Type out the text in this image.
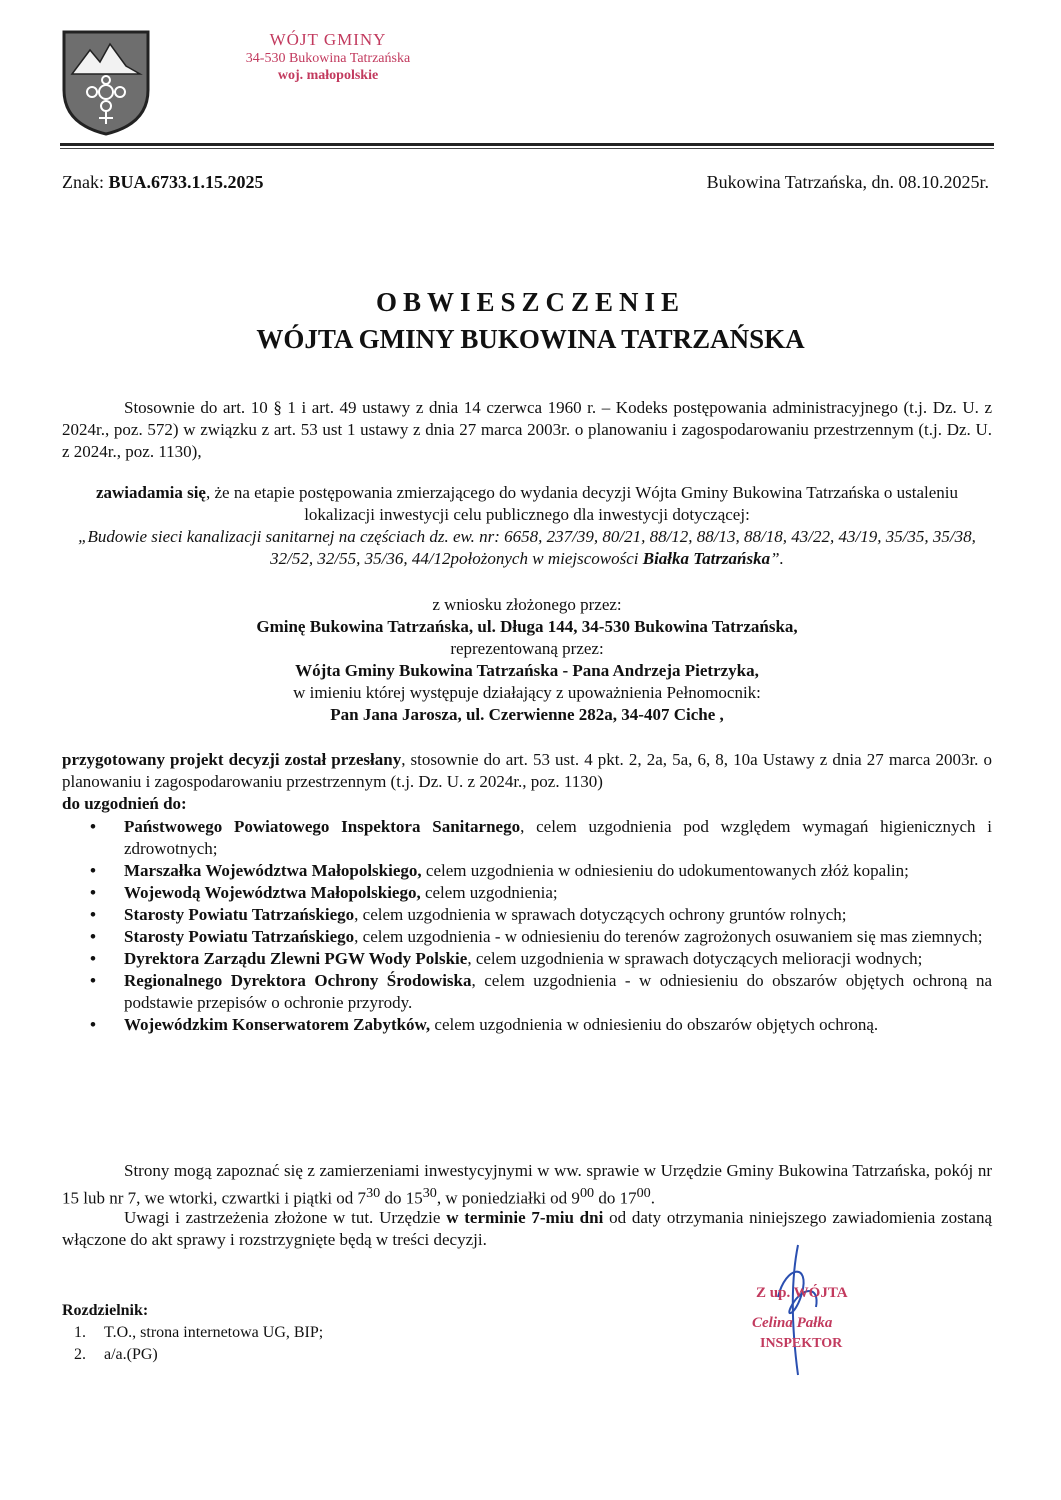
WÓJT GMINY
34-530 Bukowina Tatrzańska
woj. małopolskie
Znak: BUA.6733.1.15.2025	Bukowina Tatrzańska, dn. 08.10.2025r.
OBWIESZCZENIE
WÓJTA GMINY BUKOWINA TATRZAŃSKA
Stosownie do art. 10 § 1 i art. 49 ustawy z dnia 14 czerwca 1960 r. – Kodeks postępowania administracyjnego (t.j. Dz. U. z 2024r., poz. 572) w związku z art. 53 ust 1 ustawy z dnia 27 marca 2003r. o planowaniu i zagospodarowaniu przestrzennym (t.j. Dz. U. z 2024r., poz. 1130),
zawiadamia się, że na etapie postępowania zmierzającego do wydania decyzji Wójta Gminy Bukowina Tatrzańska o ustaleniu lokalizacji inwestycji celu publicznego dla inwestycji dotyczącej:
„Budowie sieci kanalizacji sanitarnej na częściach dz. ew. nr: 6658, 237/39, 80/21, 88/12, 88/13, 88/18, 43/22, 43/19, 35/35, 35/38, 32/52, 32/55, 35/36, 44/12położonych w miejscowości Białka Tatrzańska”.
z wniosku złożonego przez:
Gminę Bukowina Tatrzańska, ul. Długa 144, 34-530 Bukowina Tatrzańska,
reprezentowaną przez:
Wójta Gminy Bukowina Tatrzańska - Pana Andrzeja Pietrzyka,
w imieniu której występuje działający z upoważnienia Pełnomocnik:
Pan Jana Jarosza, ul. Czerwienne 282a, 34-407 Ciche ,
przygotowany projekt decyzji został przesłany, stosownie do art. 53 ust. 4 pkt. 2, 2a, 5a, 6, 8, 10a Ustawy z dnia 27 marca 2003r. o planowaniu i zagospodarowaniu przestrzennym (t.j. Dz. U. z 2024r., poz. 1130)
do uzgodnień do:
• Państwowego Powiatowego Inspektora Sanitarnego, celem uzgodnienia pod względem wymagań higienicznych i zdrowotnych;
• Marszałka Województwa Małopolskiego, celem uzgodnienia w odniesieniu do udokumentowanych złóż kopalin;
• Wojewodą Województwa Małopolskiego, celem uzgodnienia;
• Starosty Powiatu Tatrzańskiego, celem uzgodnienia w sprawach dotyczących ochrony gruntów rolnych;
• Starosty Powiatu Tatrzańskiego, celem uzgodnienia - w odniesieniu do terenów zagrożonych osuwaniem się mas ziemnych;
• Dyrektora Zarządu Zlewni PGW Wody Polskie, celem uzgodnienia w sprawach dotyczących melioracji wodnych;
• Regionalnego Dyrektora Ochrony Środowiska, celem uzgodnienia - w odniesieniu do obszarów objętych ochroną na podstawie przepisów o ochronie przyrody.
• Wojewódzkim Konserwatorem Zabytków, celem uzgodnienia w odniesieniu do obszarów objętych ochroną.
Strony mogą zapoznać się z zamierzeniami inwestycyjnymi w ww. sprawie w Urzędzie Gminy Bukowina Tatrzańska, pokój nr 15 lub nr 7, we wtorki, czwartki i piątki od $7^{30}$ do $15^{30}$, w poniedziałki od $9^{00}$ do $17^{00}$.
Uwagi i zastrzeżenia złożone w tut. Urzędzie w terminie 7-miu dni od daty otrzymania niniejszego zawiadomienia zostaną włączone do akt sprawy i rozstrzygnięte będą w treści decyzji.
Z up. WÓJTA
Celina Pałka
INSPEKTOR
Rozdzielnik:
1. T.O., strona internetowa UG, BIP;
2. a/a.(PG)
